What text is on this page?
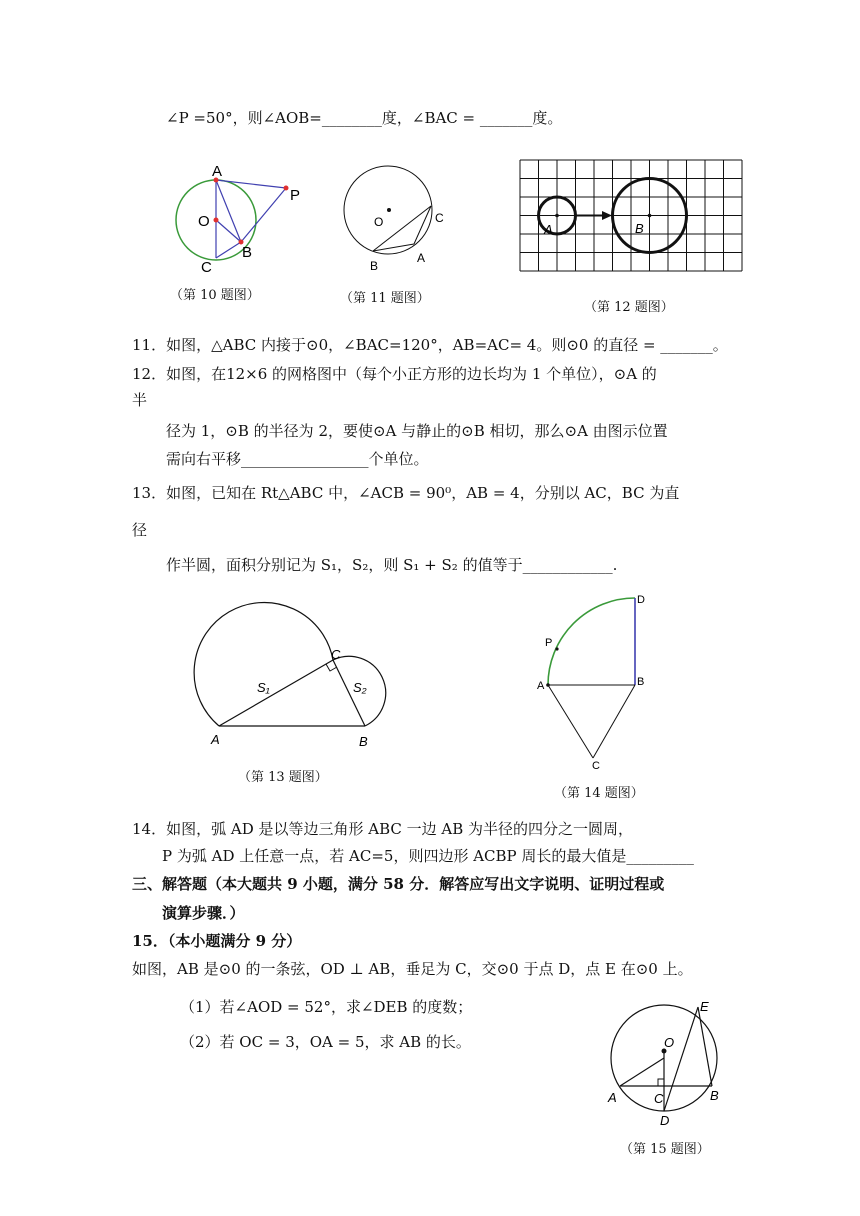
∠P =50°，则∠AOB=________度，∠BAC = _______度。
A
O
B
C
P
（第 10 题图）
O	C
B
A
（第 11 题图）
A	B
（第 12 题图）
11．如图，△ABC 内接于⊙0，∠BAC=120°，AB=AC= 4。则⊙0 的直径 = _______。
12．如图，在12×6 的网格图中（每个小正方形的边长均为 1 个单位），⊙A 的
半
径为 1，⊙B 的半径为 2，要使⊙A 与静止的⊙B 相切，那么⊙A 由图示位置
需向右平移_________________个单位。
13．如图，已知在 Rt△ABC 中，∠ACB = 90⁰，AB = 4，分别以 AC，BC 为直
径
作半圆，面积分别记为 S₁，S₂，则 S₁ + S₂ 的值等于____________.
C
S₁	S₂
A	B
（第 13 题图）
D
P
A	B
C
（第 14 题图）
14．如图，弧 AD 是以等边三角形 ABC 一边 AB 为半径的四分之一圆周，
P 为弧 AD 上任意一点，若 AC=5，则四边形 ACBP 周长的最大值是_________
三、解答题（本大题共 9 小题，满分 58 分．解答应写出文字说明、证明过程或
演算步骤．）
15．（本小题满分 9 分）
如图，AB 是⊙0 的一条弦，OD ⊥ AB，垂足为 C，交⊙0 于点 D，点 E 在⊙0 上。
（1）若∠AOD = 52°，求∠DEB 的度数；
（2）若 OC = 3，OA = 5，求 AB 的长。
E
O
A	C	B
D
（第 15 题图）
